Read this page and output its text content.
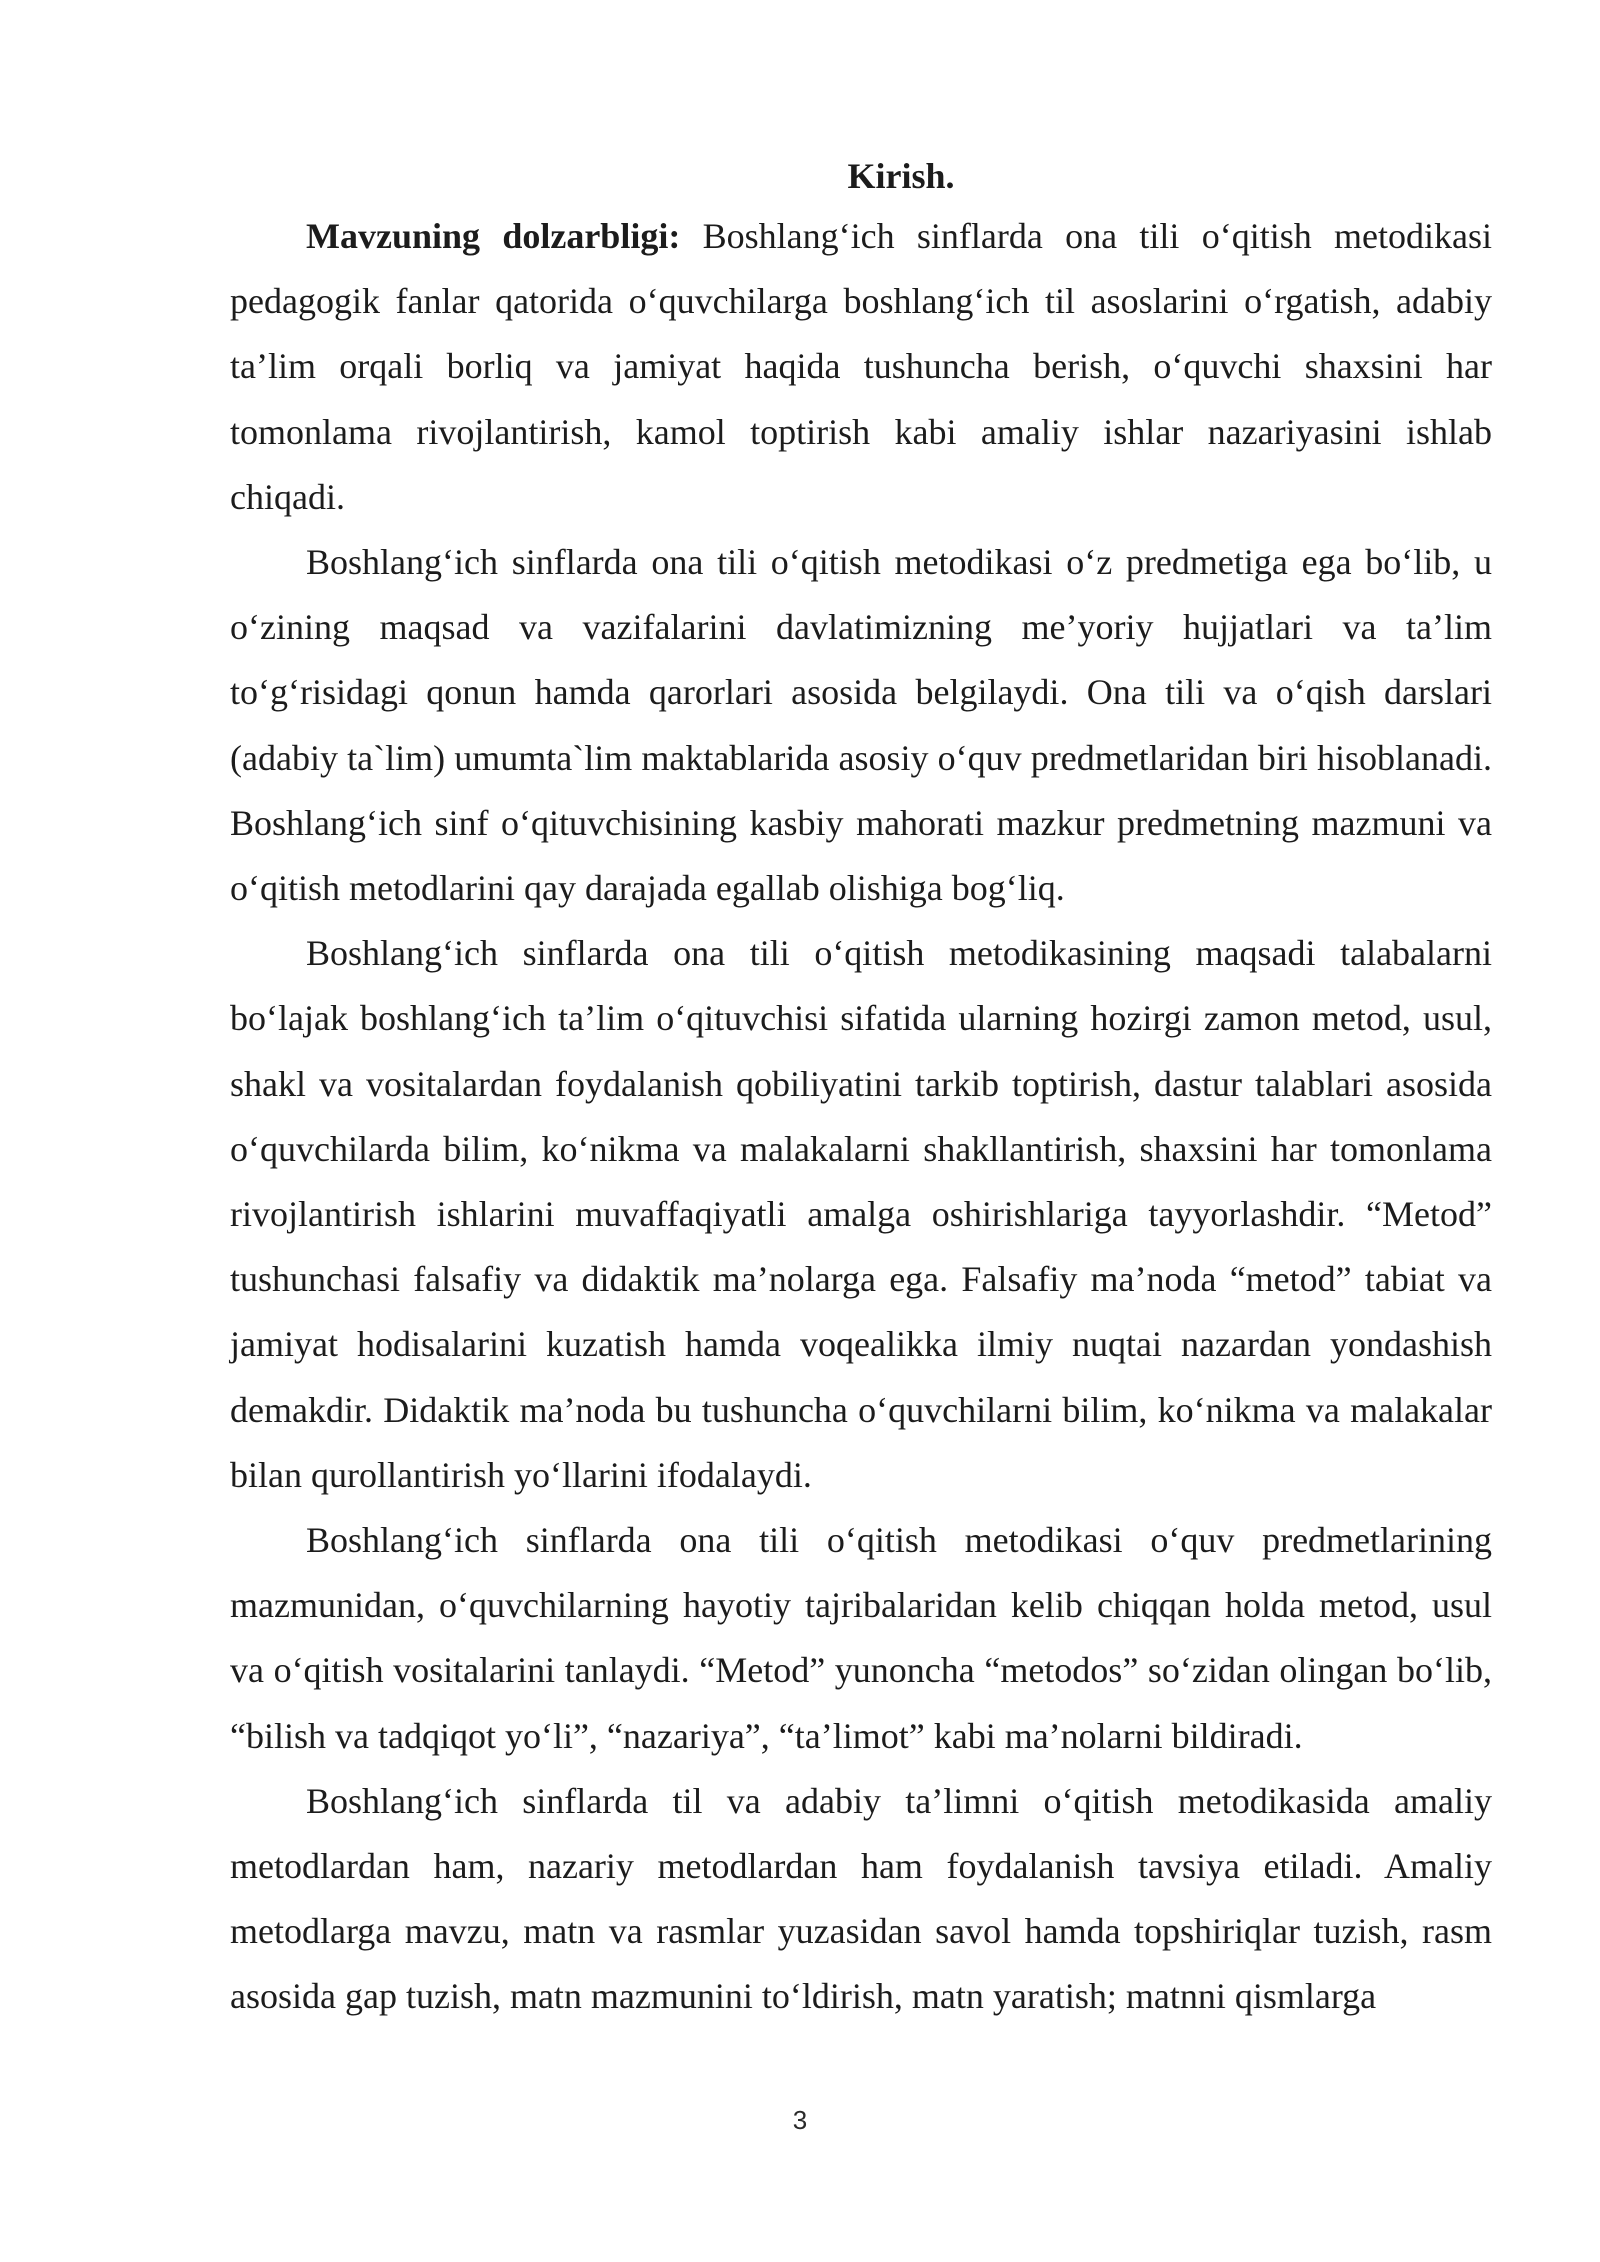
Kirish.

Mavzuning dolzarbligi: Boshlang‘ich sinflarda ona tili o‘qitish metodikasi pedagogik fanlar qatorida o‘quvchilarga boshlang‘ich til asoslarini o‘rgatish, adabiy ta’lim orqali borliq va jamiyat haqida tushuncha berish, o‘quvchi shaxsini har tomonlama rivojlantirish, kamol toptirish kabi amaliy ishlar nazariyasini ishlab chiqadi.

Boshlang‘ich sinflarda ona tili o‘qitish metodikasi o‘z predmetiga ega bo‘lib, u o‘zining maqsad va vazifalarini davlatimizning me’yoriy hujjatlari va ta’lim to‘g‘risidagi qonun hamda qarorlari asosida belgilaydi. Ona tili va o‘qish darslari (adabiy ta`lim) umumta`lim maktablarida asosiy o‘quv predmetlaridan biri hisoblanadi. Boshlang‘ich sinf o‘qituvchisining kasbiy mahorati mazkur predmetning mazmuni va o‘qitish metodlarini qay darajada egallab olishiga bog‘liq.

Boshlang‘ich sinflarda ona tili o‘qitish metodikasining maqsadi talabalarni bo‘lajak boshlang‘ich ta’lim o‘qituvchisi sifatida ularning hozirgi zamon metod, usul, shakl va vositalardan foydalanish qobiliyatini tarkib toptirish, dastur talablari asosida o‘quvchilarda bilim, ko‘nikma va malakalarni shakllantirish, shaxsini har tomonlama rivojlantirish ishlarini muvaffaqiyatli amalga oshirishlariga tayyorlashdir. “Metod” tushunchasi falsafiy va didaktik ma’nolarga ega. Falsafiy ma’noda “metod” tabiat va jamiyat hodisalarini kuzatish hamda voqealikka ilmiy nuqtai nazardan yondashish demakdir. Didaktik ma’noda bu tushuncha o‘quvchilarni bilim, ko‘nikma va malakalar bilan qurollantirish yo‘llarini ifodalaydi.

Boshlang‘ich sinflarda ona tili o‘qitish metodikasi o‘quv predmetlarining mazmunidan, o‘quvchilarning hayotiy tajribalaridan kelib chiqqan holda metod, usul va o‘qitish vositalarini tanlaydi. “Metod” yunoncha “metodos” so‘zidan olingan bo‘lib, “bilish va tadqiqot yo‘li”, “nazariya”, “ta’limot” kabi ma’nolarni bildiradi.

Boshlang‘ich sinflarda til va adabiy ta’limni o‘qitish metodikasida amaliy metodlardan ham, nazariy metodlardan ham foydalanish tavsiya etiladi. Amaliy metodlarga mavzu, matn va rasmlar yuzasidan savol hamda topshiriqlar tuzish, rasm asosida gap tuzish, matn mazmunini to‘ldirish, matn yaratish; matnni qismlarga

3
